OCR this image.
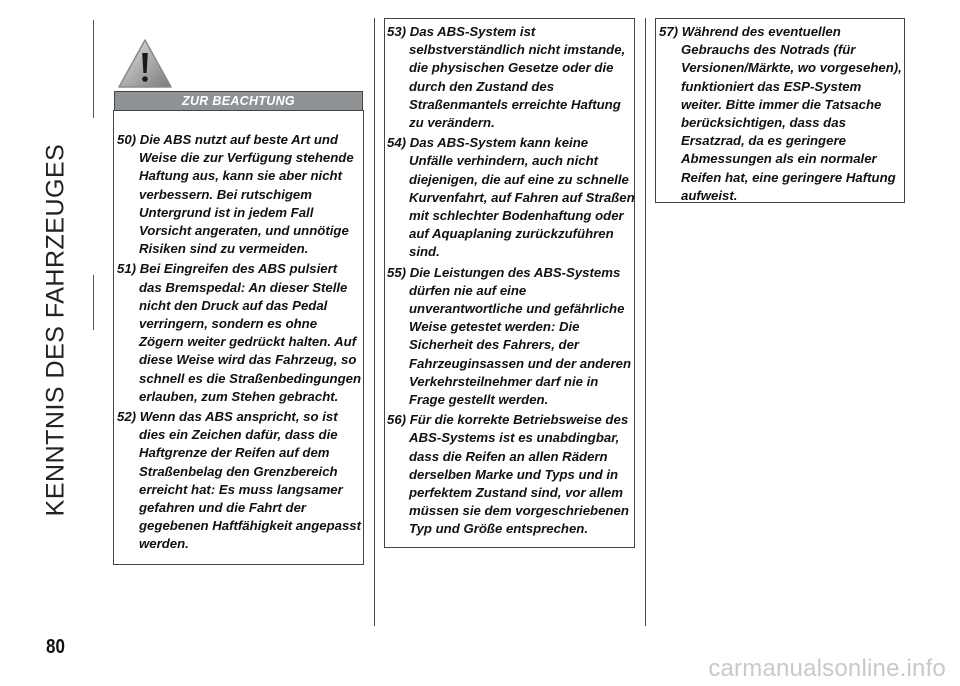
KENNTNIS DES FAHRZEUGES
ZUR BEACHTUNG
50) Die ABS nutzt auf beste Art und Weise die zur Verfügung stehende Haftung aus, kann sie aber nicht verbessern. Bei rutschigem Untergrund ist in jedem Fall Vorsicht angeraten, und unnötige Risiken sind zu vermeiden.
51) Bei Eingreifen des ABS pulsiert das Bremspedal: An dieser Stelle nicht den Druck auf das Pedal verringern, sondern es ohne Zögern weiter gedrückt halten. Auf diese Weise wird das Fahrzeug, so schnell es die Straßenbedingungen erlauben, zum Stehen gebracht.
52) Wenn das ABS anspricht, so ist dies ein Zeichen dafür, dass die Haftgrenze der Reifen auf dem Straßenbelag den Grenzbereich erreicht hat: Es muss langsamer gefahren und die Fahrt der gegebenen Haftfähigkeit angepasst werden.
53) Das ABS-System ist selbstverständlich nicht imstande, die physischen Gesetze oder die durch den Zustand des Straßenmantels erreichte Haftung zu verändern.
54) Das ABS-System kann keine Unfälle verhindern, auch nicht diejenigen, die auf eine zu schnelle Kurvenfahrt, auf Fahren auf Straßen mit schlechter Bodenhaftung oder auf Aquaplaning zurückzuführen sind.
55) Die Leistungen des ABS-Systems dürfen nie auf eine unverantwortliche und gefährliche Weise getestet werden: Die Sicherheit des Fahrers, der Fahrzeuginsassen und der anderen Verkehrsteilnehmer darf nie in Frage gestellt werden.
56) Für die korrekte Betriebsweise des ABS-Systems ist es unabdingbar, dass die Reifen an allen Rädern derselben Marke und Typs und in perfektem Zustand sind, vor allem müssen sie dem vorgeschriebenen Typ und Größe entsprechen.
57) Während des eventuellen Gebrauchs des Notrads (für Versionen/Märkte, wo vorgesehen), funktioniert das ESP-System weiter. Bitte immer die Tatsache berücksichtigen, dass das Ersatzrad, da es geringere Abmessungen als ein normaler Reifen hat, eine geringere Haftung aufweist.
80
carmanualsonline.info
